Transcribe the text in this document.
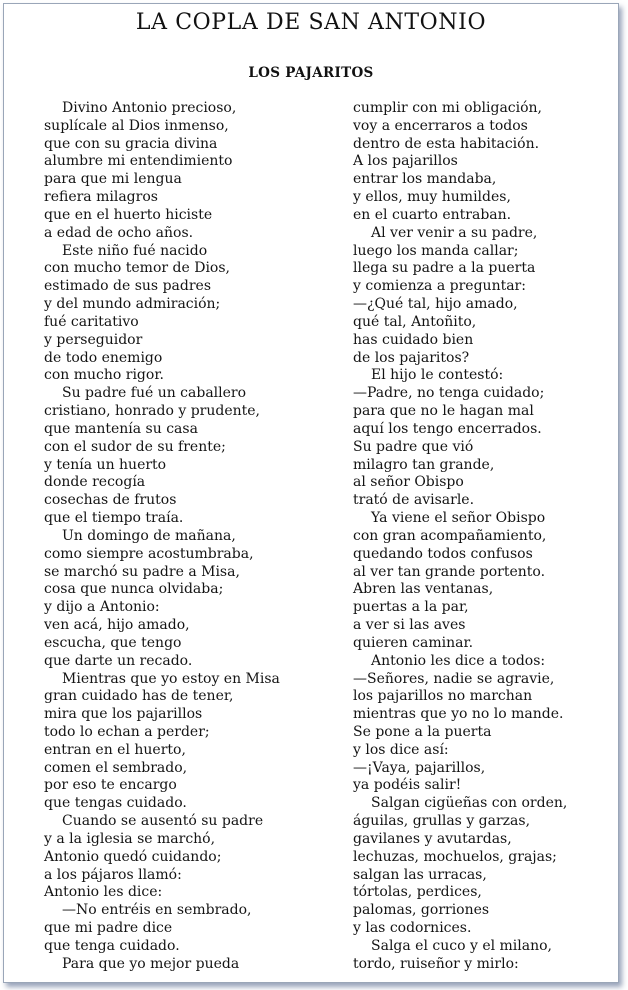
LA COPLA DE SAN ANTONIO
LOS PAJARITOS
Divino Antonio precioso,
suplícale al Dios inmenso,
que con su gracia divina
alumbre mi entendimiento
para que mi lengua
refiera milagros
que en el huerto hiciste
a edad de ocho años.
Este niño fué nacido
con mucho temor de Dios,
estimado de sus padres
y del mundo admiración;
fué caritativo
y perseguidor
de todo enemigo
con mucho rigor.
Su padre fué un caballero
cristiano, honrado y prudente,
que mantenía su casa
con el sudor de su frente;
y tenía un huerto
donde recogía
cosechas de frutos
que el tiempo traía.
Un domingo de mañana,
como siempre acostumbraba,
se marchó su padre a Misa,
cosa que nunca olvidaba;
y dijo a Antonio:
ven acá, hijo amado,
escucha, que tengo
que darte un recado.
Mientras que yo estoy en Misa
gran cuidado has de tener,
mira que los pajarillos
todo lo echan a perder;
entran en el huerto,
comen el sembrado,
por eso te encargo
que tengas cuidado.
Cuando se ausentó su padre
y a la iglesia se marchó,
Antonio quedó cuidando;
a los pájaros llamó:
Antonio les dice:
—No entréis en sembrado,
que mi padre dice
que tenga cuidado.
Para que yo mejor pueda
cumplir con mi obligación,
voy a encerraros a todos
dentro de esta habitación.
A los pajarillos
entrar los mandaba,
y ellos, muy humildes,
en el cuarto entraban.
Al ver venir a su padre,
luego los manda callar;
llega su padre a la puerta
y comienza a preguntar:
—¿Qué tal, hijo amado,
qué tal, Antoñito,
has cuidado bien
de los pajaritos?
El hijo le contestó:
—Padre, no tenga cuidado;
para que no le hagan mal
aquí los tengo encerrados.
Su padre que vió
milagro tan grande,
al señor Obispo
trató de avisarle.
Ya viene el señor Obispo
con gran acompañamiento,
quedando todos confusos
al ver tan grande portento.
Abren las ventanas,
puertas a la par,
a ver si las aves
quieren caminar.
Antonio les dice a todos:
—Señores, nadie se agravie,
los pajarillos no marchan
mientras que yo no lo mande.
Se pone a la puerta
y los dice así:
—¡Vaya, pajarillos,
ya podéis salir!
Salgan cigüeñas con orden,
águilas, grullas y garzas,
gavilanes y avutardas,
lechuzas, mochuelos, grajas;
salgan las urracas,
tórtolas, perdices,
palomas, gorriones
y las codornices.
Salga el cuco y el milano,
tordo, ruiseñor y mirlo:
